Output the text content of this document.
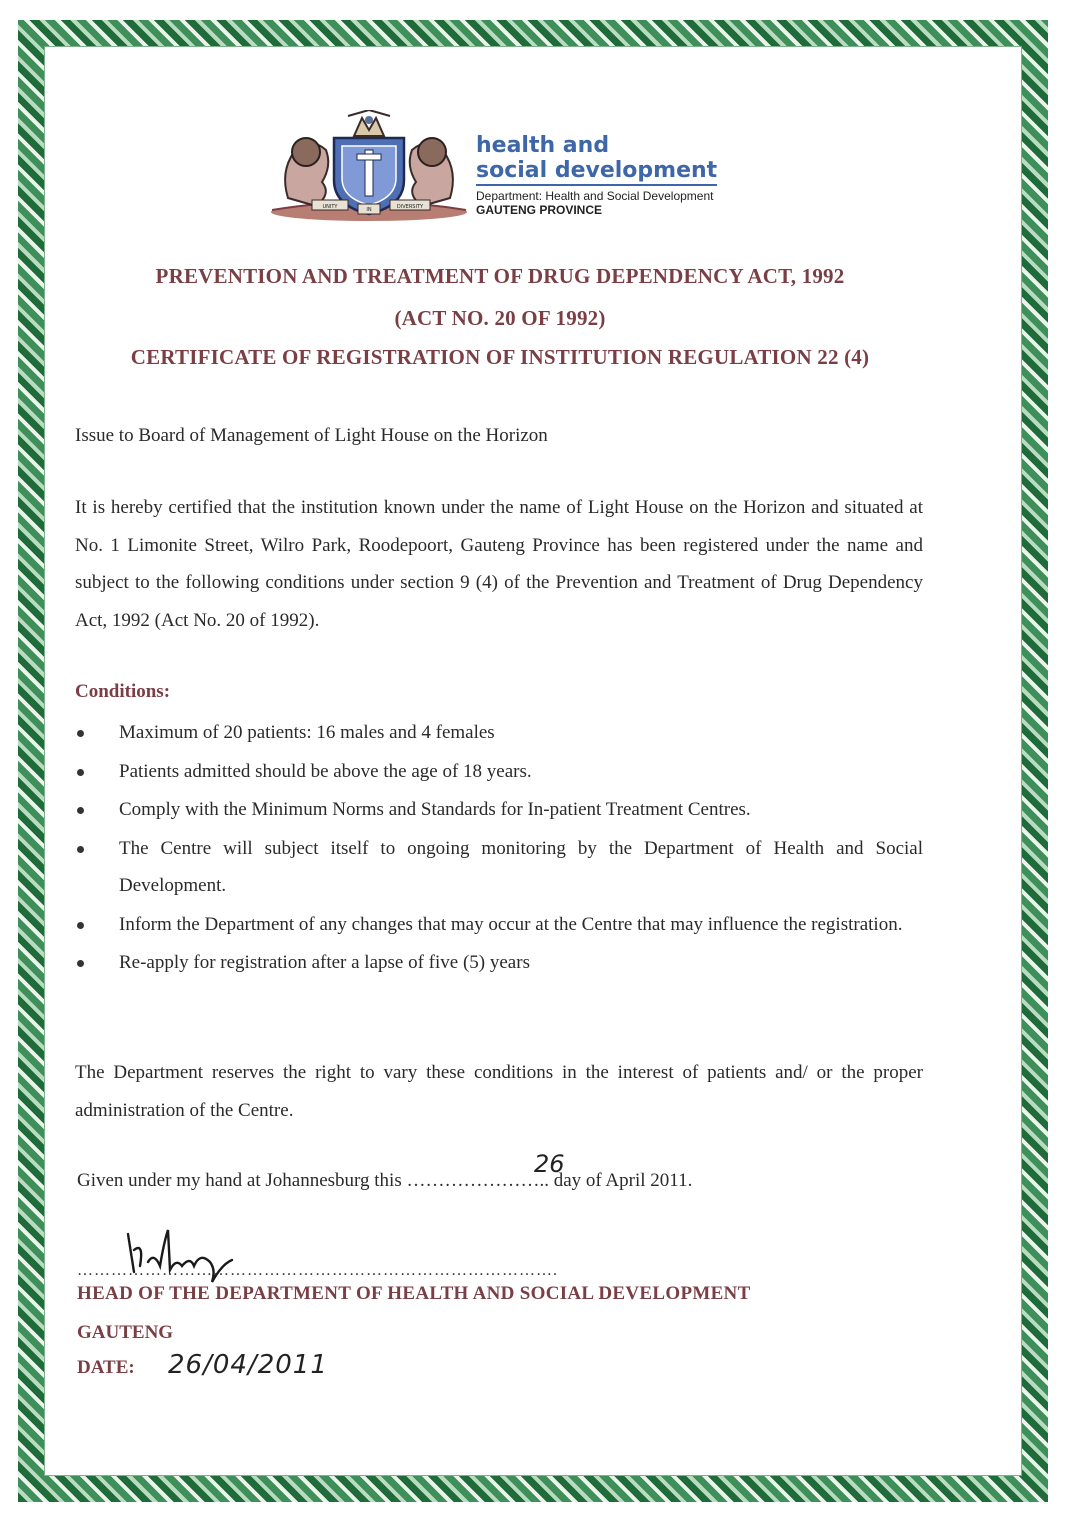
UNITY	IN	DIVERSITY
health and
social development
Department: Health and Social Development
GAUTENG PROVINCE
PREVENTION AND TREATMENT OF DRUG DEPENDENCY ACT, 1992
(ACT NO. 20 OF 1992)
CERTIFICATE OF REGISTRATION OF INSTITUTION REGULATION 22 (4)
Issue to Board of Management of Light House on the Horizon
It is hereby certified that the institution known under the name of Light House on the Horizon and situated at No. 1 Limonite Street, Wilro Park, Roodepoort, Gauteng Province has been registered under the name and subject to the following conditions under section 9 (4) of the Prevention and Treatment of Drug Dependency Act, 1992 (Act No. 20 of 1992).
Conditions:
Maximum of 20 patients: 16 males and 4 females
Patients admitted should be above the age of 18 years.
Comply with the Minimum Norms and Standards for In-patient Treatment Centres.
The Centre will subject itself to ongoing monitoring by the Department of Health and Social Development.
Inform the Department of any changes that may occur at the Centre that may influence the registration.
Re-apply for registration after a lapse of five (5) years
The Department reserves the right to vary these conditions in the interest of patients and/ or the proper administration of the Centre.
Given under my hand at Johannesburg this ………………….. day of April 2011.
26
………………………………………………………………………….
HEAD OF THE DEPARTMENT OF HEALTH AND SOCIAL DEVELOPMENT
GAUTENG
DATE: 26/04/2011
